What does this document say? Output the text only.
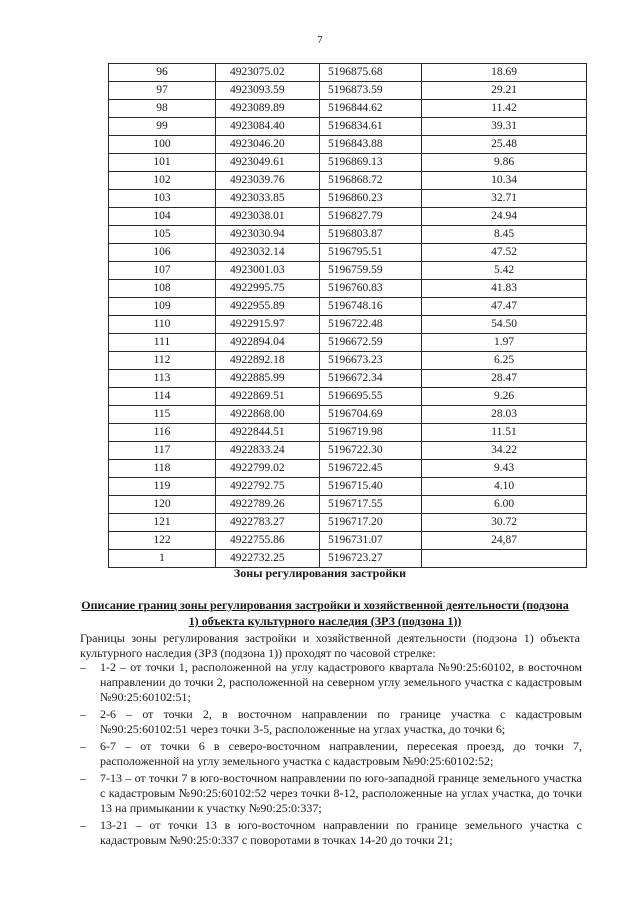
7
96	4923075.02	5196875.68	18.69
97	4923093.59	5196873.59	29.21
98	4923089.89	5196844.62	11.42
99	4923084.40	5196834.61	39.31
100	4923046.20	5196843.88	25.48
101	4923049.61	5196869.13	9.86
102	4923039.76	5196868.72	10.34
103	4923033.85	5196860.23	32.71
104	4923038.01	5196827.79	24.94
105	4923030.94	5196803.87	8.45
106	4923032.14	5196795.51	47.52
107	4923001.03	5196759.59	5.42
108	4922995.75	5196760.83	41.83
109	4922955.89	5196748.16	47.47
110	4922915.97	5196722.48	54.50
111	4922894.04	5196672.59	1.97
112	4922892.18	5196673.23	6.25
113	4922885.99	5196672.34	28.47
114	4922869.51	5196695.55	9.26
115	4922868.00	5196704.69	28.03
116	4922844.51	5196719.98	11.51
117	4922833.24	5196722.30	34.22
118	4922799.02	5196722.45	9.43
119	4922792.75	5196715.40	4.10
120	4922789.26	5196717.55	6.00
121	4922783.27	5196717.20	30.72
122	4922755.86	5196731.07	24,87
1	4922732.25	5196723.27	
Зоны регулирования застройки
Описание границ зоны регулирования застройки и хозяйственной деятельности (подзона 1) объекта культурного наследия (ЗРЗ (подзона 1))
Границы зоны регулирования застройки и хозяйственной деятельности (подзона 1) объекта культурного наследия (ЗРЗ (подзона 1)) проходят по часовой стрелке:
– 1-2 – от точки 1, расположенной на углу кадастрового квартала №90:25:60102, в восточном направлении до точки 2, расположенной на северном углу земельного участка с кадастровым №90:25:60102:51;
– 2-6 – от точки 2, в восточном направлении по границе участка с кадастровым №90:25:60102:51 через точки 3-5, расположенные на углах участка, до точки 6;
– 6-7 – от точки 6 в северо-восточном направлении, пересекая проезд, до точки 7, расположенной на углу земельного участка с кадастровым №90:25:60102:52;
– 7-13 – от точки 7 в юго-восточном направлении по юго-западной границе земельного участка с кадастровым №90:25:60102:52 через точки 8-12, расположенные на углах участка, до точки 13 на примыкании к участку №90:25:0:337;
– 13-21 – от точки 13 в юго-восточном направлении по границе земельного участка с кадастровым №90:25:0:337 с поворотами в точках 14-20 до точки 21;
